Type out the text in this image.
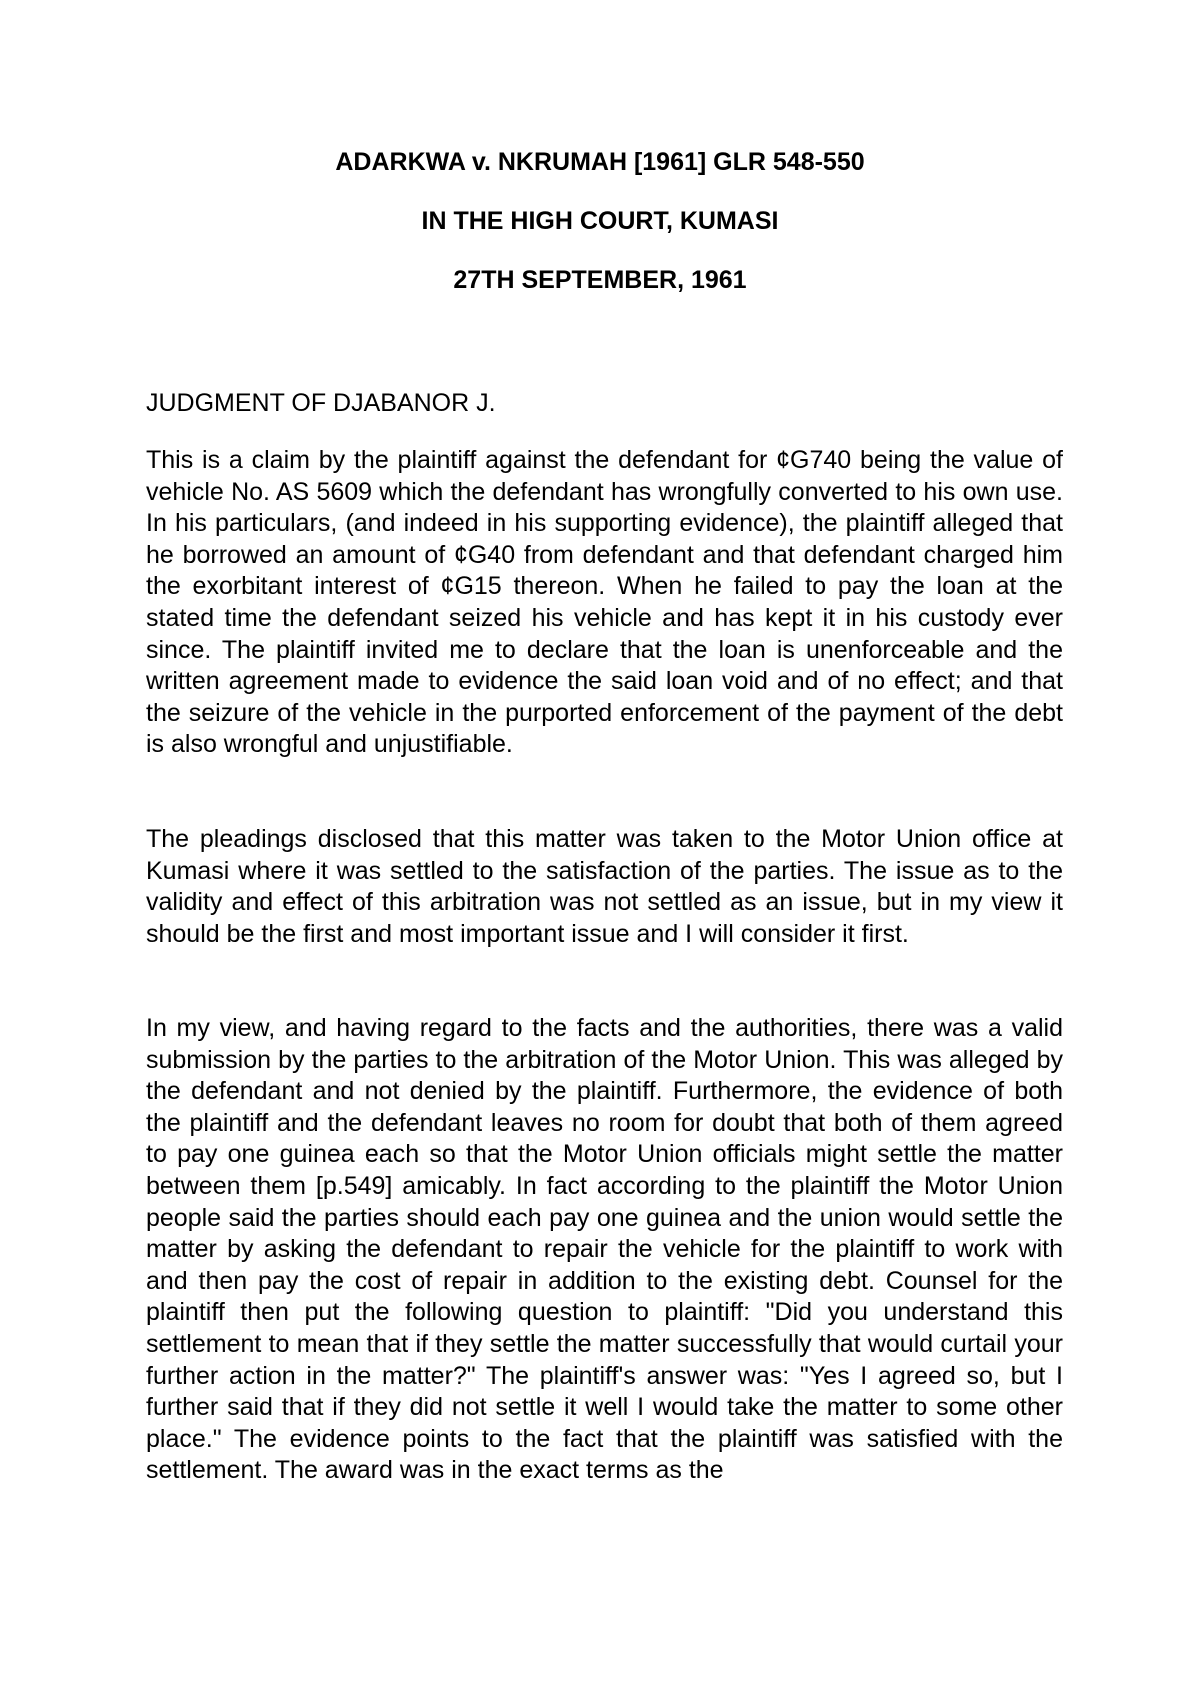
ADARKWA v. NKRUMAH [1961] GLR 548-550

IN THE HIGH COURT, KUMASI

27TH SEPTEMBER, 1961

JUDGMENT OF DJABANOR J.

This is a claim by the plaintiff against the defendant for ¢G740 being the value of vehicle No. AS 5609 which the defendant has wrongfully converted to his own use. In his particulars, (and indeed in his supporting evidence), the plaintiff alleged that he borrowed an amount of ¢G40 from defendant and that defendant charged him the exorbitant interest of ¢G15 thereon. When he failed to pay the loan at the stated time the defendant seized his vehicle and has kept it in his custody ever since. The plaintiff invited me to declare that the loan is unenforceable and the written agreement made to evidence the said loan void and of no effect; and that the seizure of the vehicle in the purported enforcement of the payment of the debt is also wrongful and unjustifiable.

The pleadings disclosed that this matter was taken to the Motor Union office at Kumasi where it was settled to the satisfaction of the parties. The issue as to the validity and effect of this arbitration was not settled as an issue, but in my view it should be the first and most important issue and I will consider it first.

In my view, and having regard to the facts and the authorities, there was a valid submission by the parties to the arbitration of the Motor Union. This was alleged by the defendant and not denied by the plaintiff. Furthermore, the evidence of both the plaintiff and the defendant leaves no room for doubt that both of them agreed to pay one guinea each so that the Motor Union officials might settle the matter between them [p.549] amicably. In fact according to the plaintiff the Motor Union people said the parties should each pay one guinea and the union would settle the matter by asking the defendant to repair the vehicle for the plaintiff to work with and then pay the cost of repair in addition to the existing debt. Counsel for the plaintiff then put the following question to plaintiff: "Did you understand this settlement to mean that if they settle the matter successfully that would curtail your further action in the matter?" The plaintiff's answer was: "Yes I agreed so, but I further said that if they did not settle it well I would take the matter to some other place." The evidence points to the fact that the plaintiff was satisfied with the settlement. The award was in the exact terms as the
